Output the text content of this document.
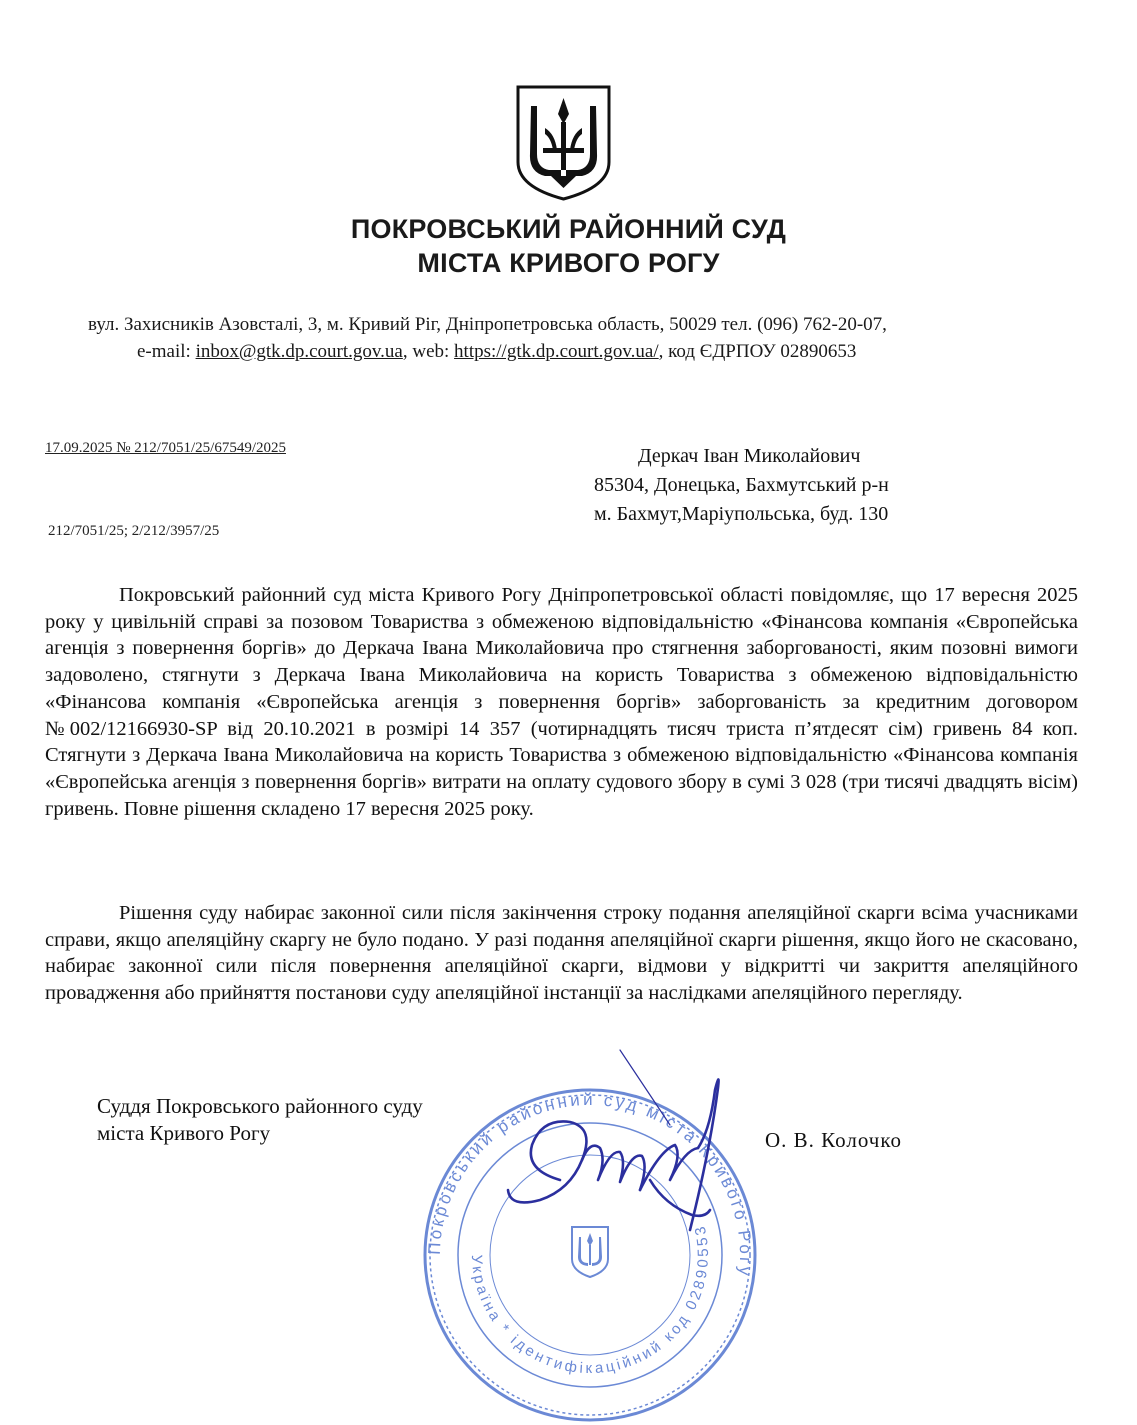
ПОКРОВСЬКИЙ РАЙОННИЙ СУД
МІСТА КРИВОГО РОГУ
вул. Захисників Азовсталі, 3, м. Кривий Ріг, Дніпропетровська область, 50029 тел. (096) 762-20-07,
e-mail: inbox@gtk.dp.court.gov.ua, web: https://gtk.dp.court.gov.ua/, код ЄДРПОУ 02890653
17.09.2025 № 212/7051/25/67549/2025
212/7051/25; 2/212/3957/25
Деркач Іван Миколайович
85304, Донецька, Бахмутський р-н
м. Бахмут,Маріупольська, буд. 130

Покровський районний суд міста Кривого Рогу Дніпропетровської області повідомляє, що 17 вересня 2025 року у цивільній справі за позовом Товариства з обмеженою відповідальністю «Фінансова компанія «Європейська агенція з повернення боргів» до Деркача Івана Миколайовича про стягнення заборгованості, яким позовні вимоги задоволено, стягнути з Деркача Івана Миколайовича на користь Товариства з обмеженою відповідальністю «Фінансова компанія «Європейська агенція з повернення боргів» заборгованість за кредитним договором №002/12166930-SP від 20.10.2021 в розмірі 14 357 (чотирнадцять тисяч триста п’ятдесят сім) гривень 84 коп. Стягнути з Деркача Івана Миколайовича на користь Товариства з обмеженою відповідальністю «Фінансова компанія «Європейська агенція з повернення боргів» витрати на оплату судового збору в сумі 3 028 (три тисячі двадцять вісім) гривень. Повне рішення складено 17 вересня 2025 року.

Рішення суду набирає законної сили після закінчення строку подання апеляційної скарги всіма учасниками справи, якщо апеляційну скаргу не було подано. У разі подання апеляційної скарги рішення, якщо його не скасовано, набирає законної сили після повернення апеляційної скарги, відмови у відкритті чи закриття апеляційного провадження або прийняття постанови суду апеляційної інстанції за наслідками апеляційного перегляду.

Суддя Покровського районного суду
міста Кривого Рогу	О. В. Колочко
Покровський районний суд міста Кривого Рогу
Україна * ідентифікаційний код 02890553
